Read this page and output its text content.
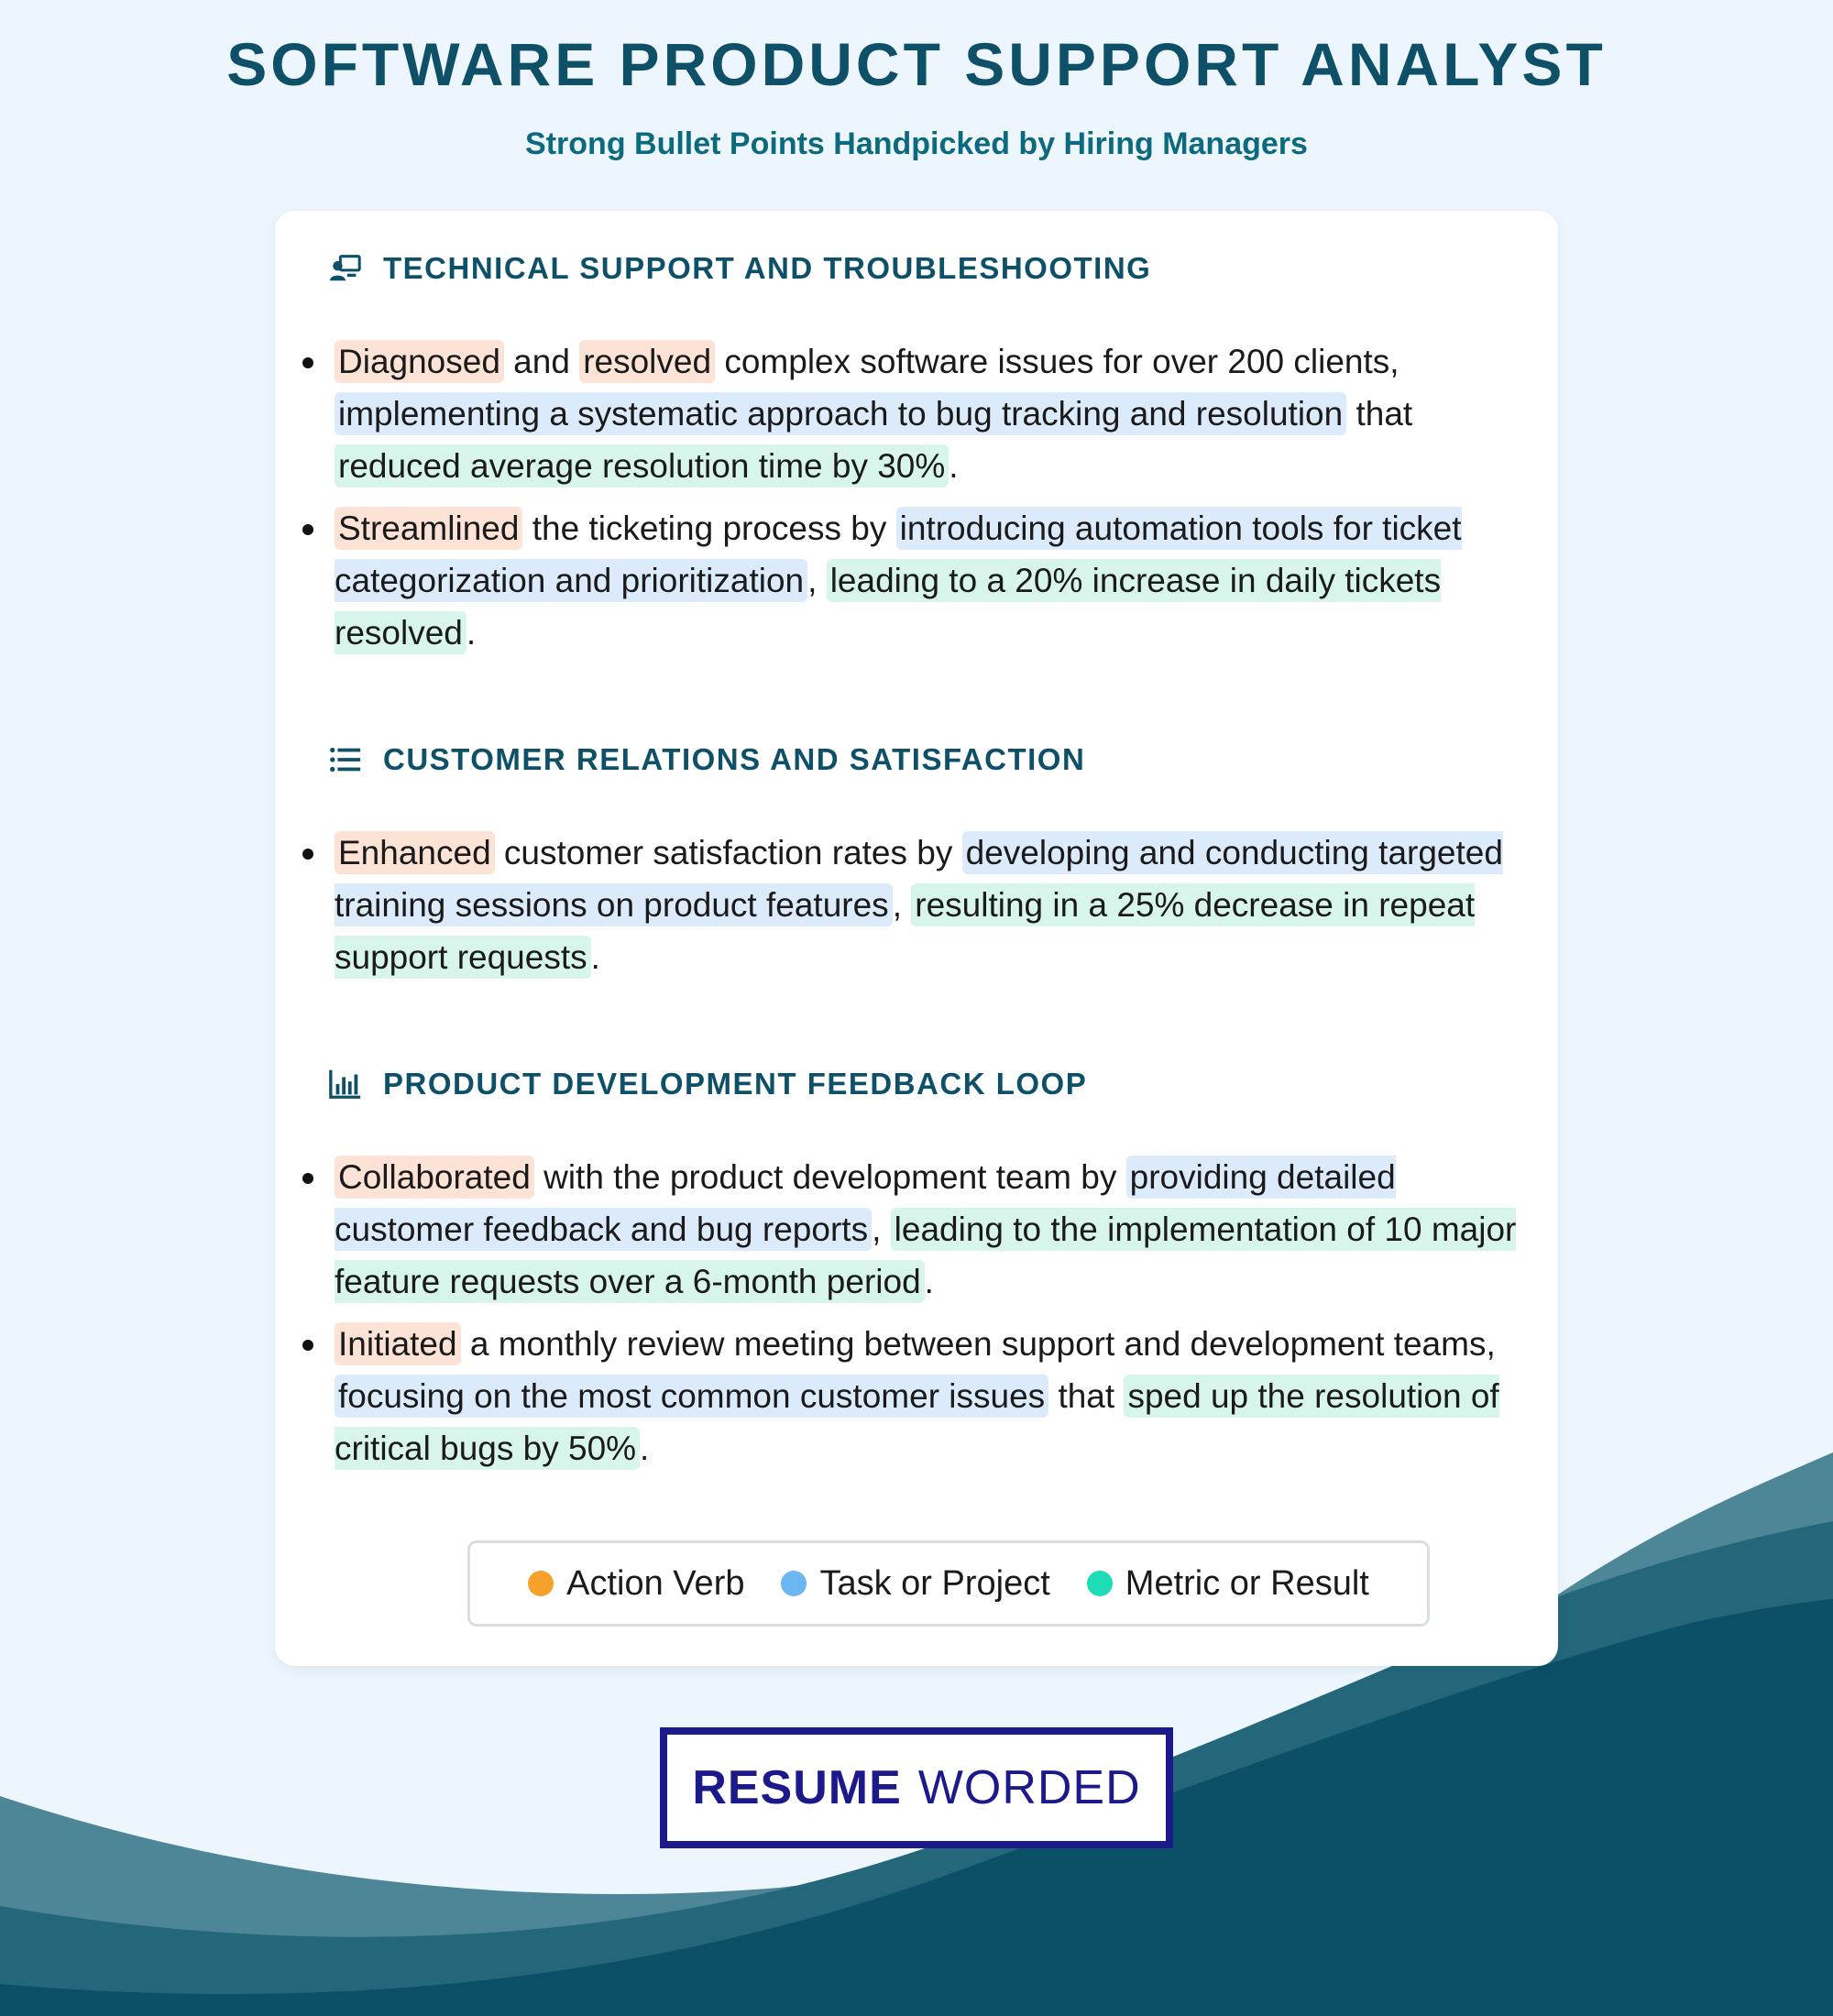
SOFTWARE PRODUCT SUPPORT ANALYST
Strong Bullet Points Handpicked by Hiring Managers
TECHNICAL SUPPORT AND TROUBLESHOOTING
Diagnosed and resolved complex software issues for over 200 clients, implementing a systematic approach to bug tracking and resolution that reduced average resolution time by 30% .
Streamlined the ticketing process by introducing automation tools for ticket categorization and prioritization , leading to a 20% increase in daily tickets resolved .
CUSTOMER RELATIONS AND SATISFACTION
Enhanced customer satisfaction rates by developing and conducting targeted training sessions on product features , resulting in a 25% decrease in repeat support requests .
PRODUCT DEVELOPMENT FEEDBACK LOOP
Collaborated with the product development team by providing detailed customer feedback and bug reports , leading to the implementation of 10 major feature requests over a 6-month period .
Initiated a monthly review meeting between support and development teams, focusing on the most common customer issues that sped up the resolution of critical bugs by 50% .
Action Verb Task or Project Metric or Result
RESUME WORDED
